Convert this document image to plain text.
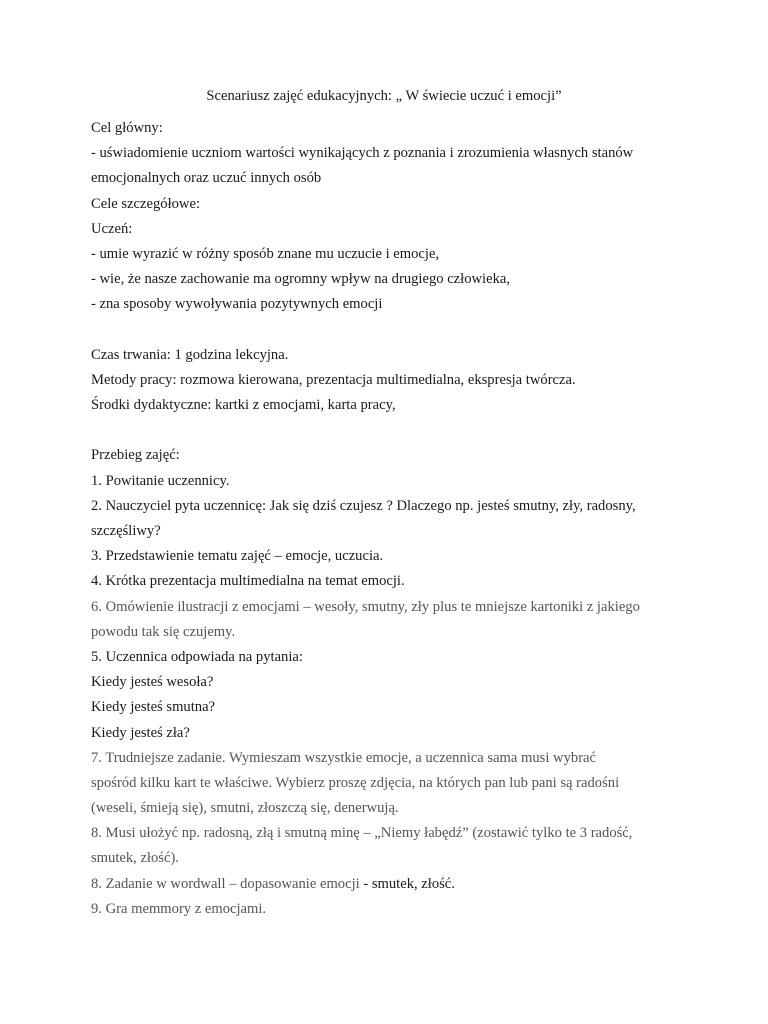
Scenariusz zajęć edukacyjnych: „ W świecie uczuć i emocji”
Cel główny:
- uświadomienie uczniom wartości wynikających z poznania i zrozumienia własnych stanów
emocjonalnych oraz uczuć innych osób
Cele szczegółowe:
Uczeń:
- umie wyrazić w różny sposób znane mu uczucie i emocje,
- wie, że nasze zachowanie ma ogromny wpływ na drugiego człowieka,
- zna sposoby wywoływania pozytywnych emocji
Czas trwania: 1 godzina lekcyjna.
Metody pracy: rozmowa kierowana, prezentacja multimedialna, ekspresja twórcza.
Środki dydaktyczne: kartki z emocjami, karta pracy,
Przebieg zajęć:
1. Powitanie uczennicy.
2. Nauczyciel pyta uczennicę: Jak się dziś czujesz ? Dlaczego np. jesteś smutny, zły, radosny,
szczęśliwy?
3. Przedstawienie tematu zajęć – emocje, uczucia.
4. Krótka prezentacja multimedialna na temat emocji.
6. Omówienie ilustracji z emocjami – wesoły, smutny, zły plus te mniejsze kartoniki z jakiego
powodu tak się czujemy.
5. Uczennica odpowiada na pytania:
Kiedy jesteś wesoła?
Kiedy jesteś smutna?
Kiedy jesteś zła?
7. Trudniejsze zadanie. Wymieszam wszystkie emocje, a uczennica sama musi wybrać
spośród kilku kart te właściwe. Wybierz proszę zdjęcia, na których pan lub pani są radośni
(weseli, śmieją się), smutni, złoszczą się, denerwują.
8. Musi ułożyć np. radosną, złą i smutną minę – „Niemy łabędź” (zostawić tylko te 3 radość,
smutek, złość).
8. Zadanie w wordwall – dopasowanie emocji - smutek, złość.
9. Gra memmory z emocjami.
